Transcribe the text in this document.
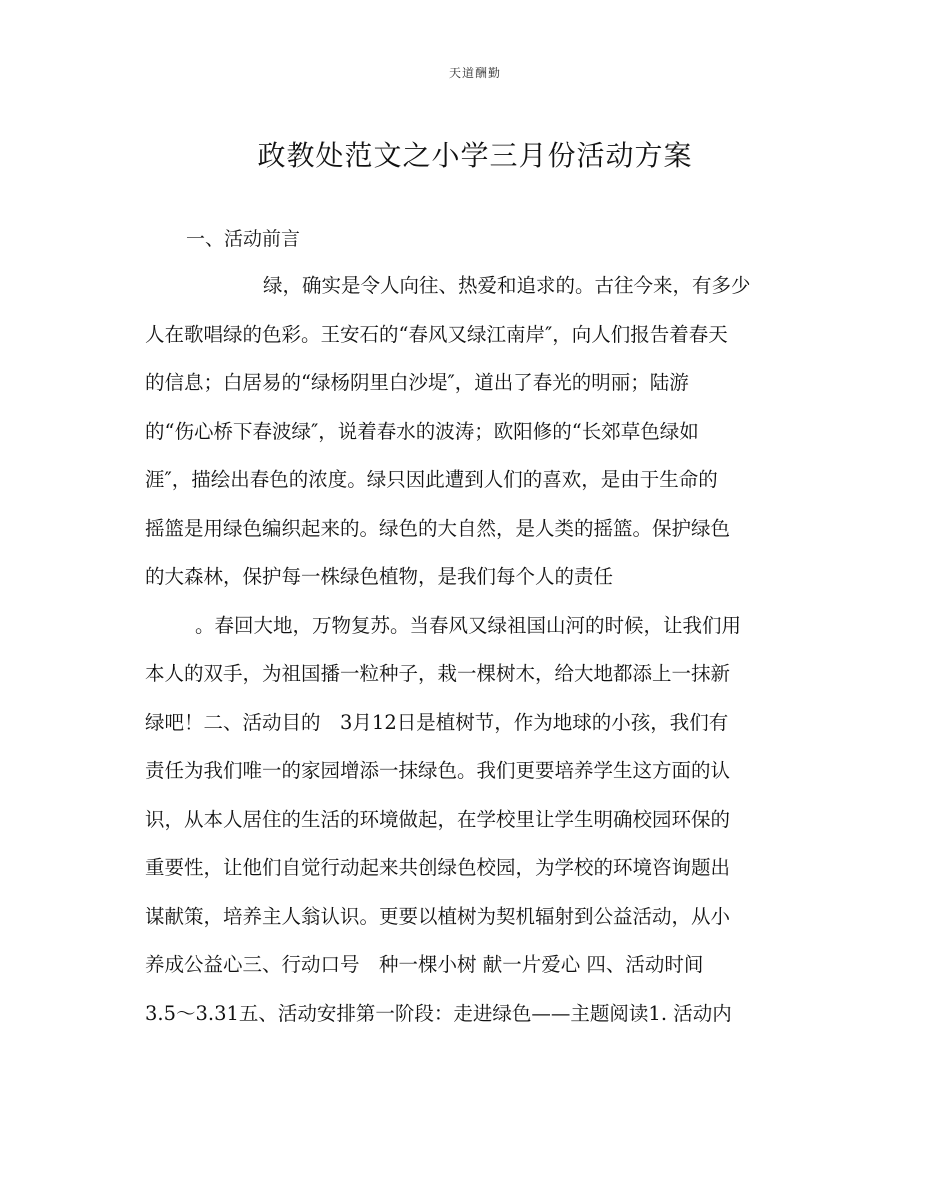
天道酬勤
政教处范文之小学三月份活动方案
一、活动前言
绿，确实是令人向往、热爱和追求的。古往今来，有多少
人在歌唱绿的色彩。王安石的“春风又绿江南岸″，向人们报告着春天
的信息；白居易的“绿杨阴里白沙堤″，道出了春光的明丽；陆游
的“伤心桥下春波绿″，说着春水的波涛；欧阳修的“长郊草色绿如
涯″，描绘出春色的浓度。绿只因此遭到人们的喜欢，是由于生命的
摇篮是用绿色编织起来的。绿色的大自然，是人类的摇篮。保护绿色
的大森林，保护每一株绿色植物，是我们每个人的责任
。春回大地，万物复苏。当春风又绿祖国山河的时候，让我们用
本人的双手，为祖国播一粒种子，栽一棵树木，给大地都添上一抹新
绿吧！二、活动目的　3月12日是植树节，作为地球的小孩，我们有
责任为我们唯一的家园增添一抹绿色。我们更要培养学生这方面的认
识，从本人居住的生活的环境做起，在学校里让学生明确校园环保的
重要性，让他们自觉行动起来共创绿色校园，为学校的环境咨询题出
谋献策，培养主人翁认识。更要以植树为契机辐射到公益活动，从小
养成公益心三、行动口号　种一棵小树 献一片爱心 四、活动时间
3.5～3.31五、活动安排第一阶段：走进绿色——主题阅读1. 活动内
